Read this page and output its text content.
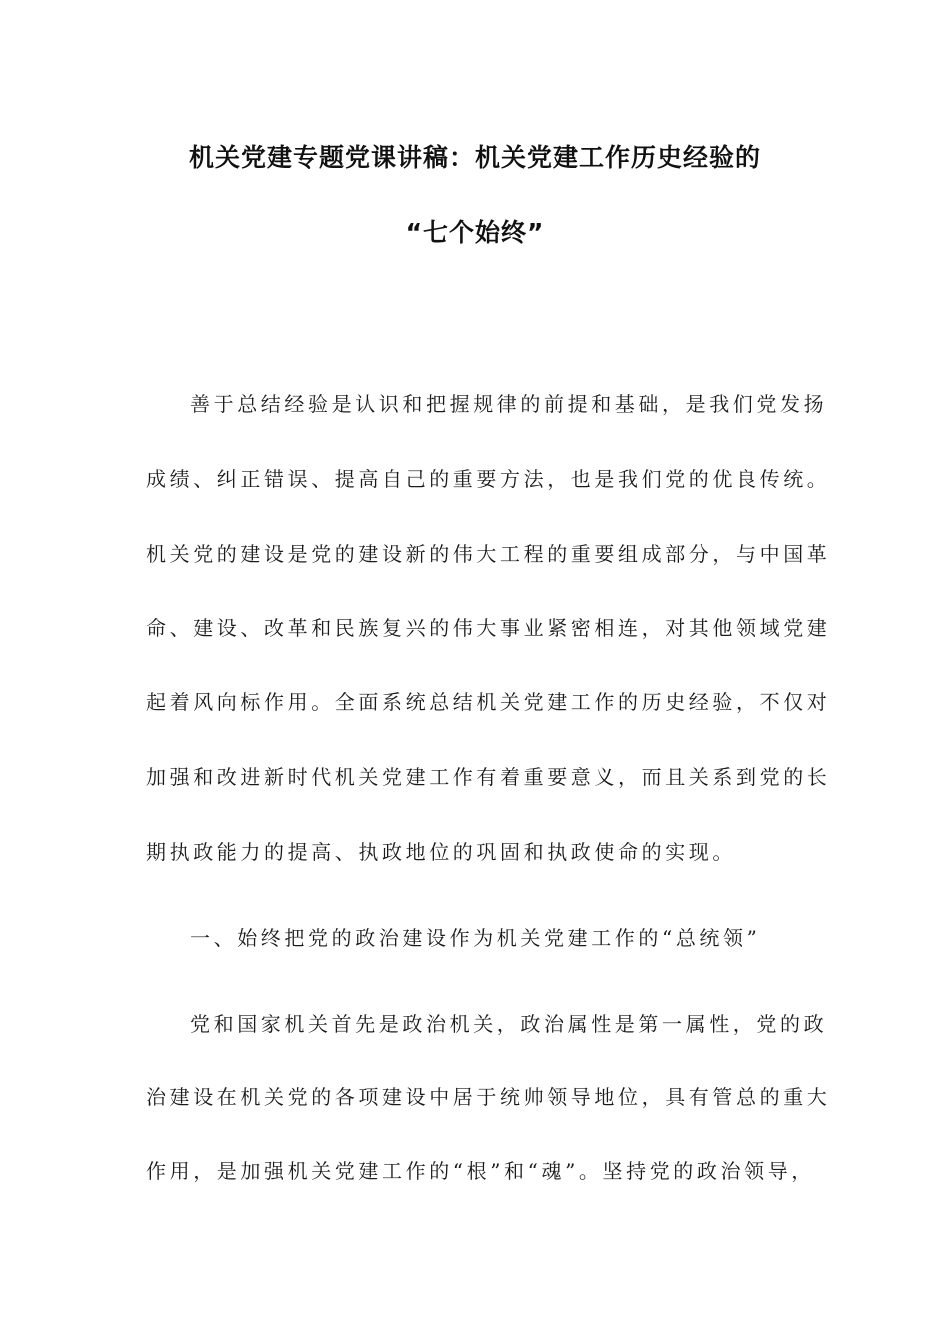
机关党建专题党课讲稿：机关党建工作历史经验的
“七个始终”
善于总结经验是认识和把握规律的前提和基础，是我们党发扬
成绩、纠正错误、提高自己的重要方法，也是我们党的优良传统。
机关党的建设是党的建设新的伟大工程的重要组成部分，与中国革
命、建设、改革和民族复兴的伟大事业紧密相连，对其他领域党建
起着风向标作用。全面系统总结机关党建工作的历史经验，不仅对
加强和改进新时代机关党建工作有着重要意义，而且关系到党的长
期执政能力的提高、执政地位的巩固和执政使命的实现。
一、始终把党的政治建设作为机关党建工作的“总统领”
党和国家机关首先是政治机关，政治属性是第一属性，党的政
治建设在机关党的各项建设中居于统帅领导地位，具有管总的重大
作用，是加强机关党建工作的“根”和“魂”。坚持党的政治领导，
